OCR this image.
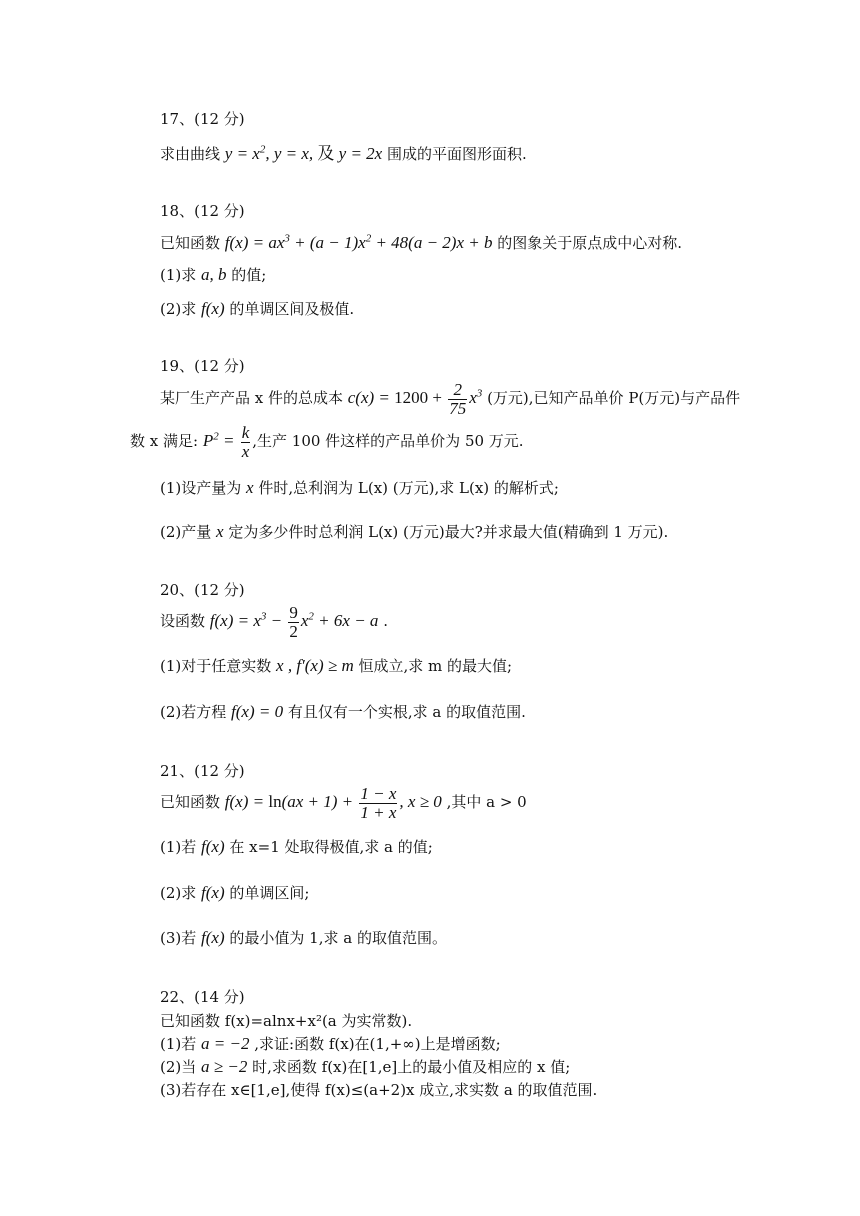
17、(12 分)
求由曲线 $y = x^2$, y = x, 及 y = 2x 围成的平面图形面积.
18、(12 分)
已知函数 $f(x) = ax^3 + (a - 1)x^2 + 48(a - 2)x + b$ 的图象关于原点成中心对称.
(1)求 a, b 的值;
(2)求 f(x) 的单调区间及极值.
19、(12 分)
某厂生产产品 x 件的总成本 $c(x) = 1200 + \frac{2}{75} x^3$ (万元),已知产品单价 P(万元)与产品件
数 x 满足: $P^2 = \frac{k}{x}$ ,生产 100 件这样的产品单价为 50 万元.
(1)设产量为 x 件时,总利润为 L(x) (万元),求 L(x) 的解析式;
(2)产量 x 定为多少件时总利润 L(x) (万元)最大?并求最大值(精确到 1 万元).
20、(12 分)
设函数 $f(x) = x^3 - \frac{9}{2} x^2 + 6x - a$ .
(1)对于任意实数 x , f′(x) ≥ m 恒成立,求 m 的最大值;
(2)若方程 f(x) = 0 有且仅有一个实根,求 a 的取值范围.
21、(12 分)
已知函数 $f(x) = \ln(ax + 1) + \frac{1 - x}{1 + x}$ , x ≥ 0 ,其中 a > 0
(1)若 f(x) 在 x=1 处取得极值,求 a 的值;
(2)求 f(x) 的单调区间;
(3)若 f(x) 的最小值为 1,求 a 的取值范围。
22、(14 分)
已知函数 f(x)=alnx+x²(a 为实常数).
(1)若 a = −2 ,求证:函数 f(x)在(1,+∞)上是增函数;
(2)当 a ≥ −2 时,求函数 f(x)在[1,e]上的最小值及相应的 x 值;
(3)若存在 x∈[1,e],使得 f(x)≤(a+2)x 成立,求实数 a 的取值范围.
